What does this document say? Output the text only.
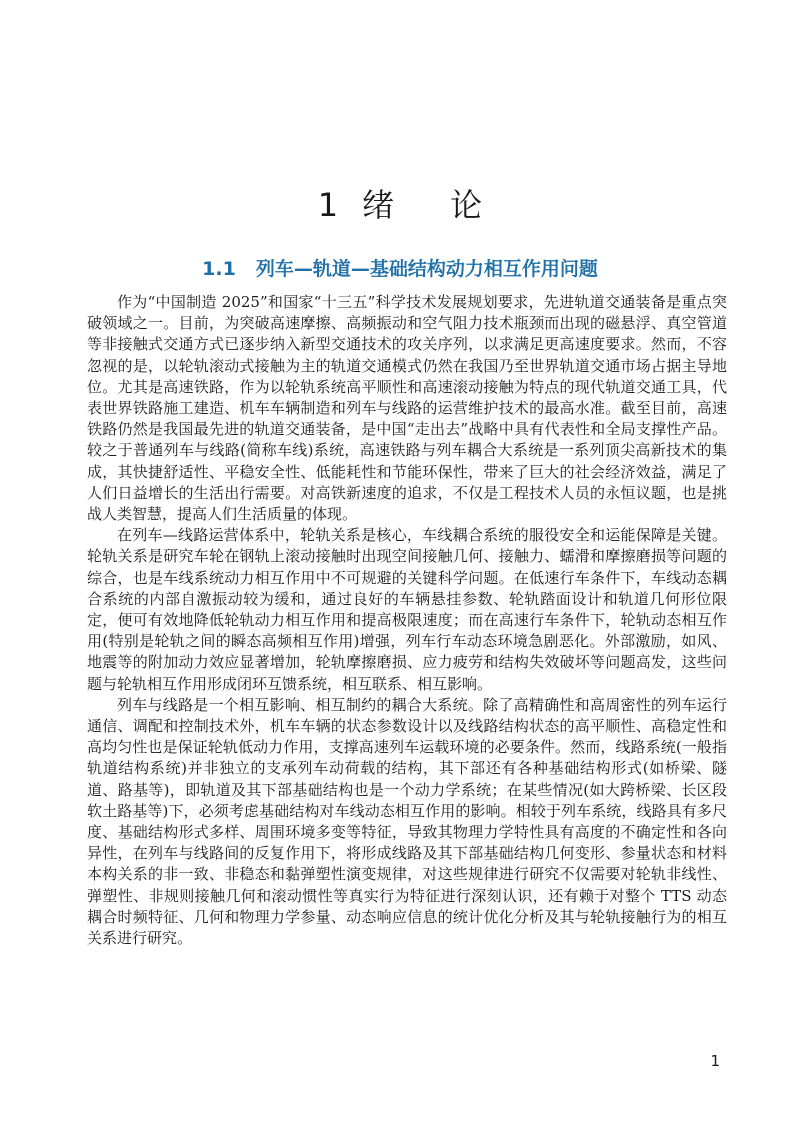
1 绪 论
1.1 列车—轨道—基础结构动力相互作用问题

作为“中国制造 2025”和国家“十三五”科学技术发展规划要求，先进轨道交通装备是重点突破领域之一。目前，为突破高速摩擦、高频振动和空气阻力技术瓶颈而出现的磁悬浮、真空管道等非接触式交通方式已逐步纳入新型交通技术的攻关序列，以求满足更高速度要求。然而，不容忽视的是，以轮轨滚动式接触为主的轨道交通模式仍然在我国乃至世界轨道交通市场占据主导地位。尤其是高速铁路，作为以轮轨系统高平顺性和高速滚动接触为特点的现代轨道交通工具，代表世界铁路施工建造、机车车辆制造和列车与线路的运营维护技术的最高水准。截至目前，高速铁路仍然是我国最先进的轨道交通装备，是中国“走出去”战略中具有代表性和全局支撑性产品。较之于普通列车与线路(简称车线)系统，高速铁路与列车耦合大系统是一系列顶尖高新技术的集成，其快捷舒适性、平稳安全性、低能耗性和节能环保性，带来了巨大的社会经济效益，满足了人们日益增长的生活出行需要。对高铁新速度的追求，不仅是工程技术人员的永恒议题，也是挑战人类智慧，提高人们生活质量的体现。

在列车—线路运营体系中，轮轨关系是核心，车线耦合系统的服役安全和运能保障是关键。轮轨关系是研究车轮在钢轨上滚动接触时出现空间接触几何、接触力、蠕滑和摩擦磨损等问题的综合，也是车线系统动力相互作用中不可规避的关键科学问题。在低速行车条件下，车线动态耦合系统的内部自激振动较为缓和，通过良好的车辆悬挂参数、轮轨踏面设计和轨道几何形位限定，便可有效地降低轮轨动力相互作用和提高极限速度；而在高速行车条件下，轮轨动态相互作用(特别是轮轨之间的瞬态高频相互作用)增强，列车行车动态环境急剧恶化。外部激励，如风、地震等的附加动力效应显著增加，轮轨摩擦磨损、应力疲劳和结构失效破坏等问题高发，这些问题与轮轨相互作用形成闭环互馈系统，相互联系、相互影响。

列车与线路是一个相互影响、相互制约的耦合大系统。除了高精确性和高周密性的列车运行通信、调配和控制技术外，机车车辆的状态参数设计以及线路结构状态的高平顺性、高稳定性和高均匀性也是保证轮轨低动力作用，支撑高速列车运载环境的必要条件。然而，线路系统(一般指轨道结构系统)并非独立的支承列车动荷载的结构，其下部还有各种基础结构形式(如桥梁、隧道、路基等)，即轨道及其下部基础结构也是一个动力学系统；在某些情况(如大跨桥梁、长区段软土路基等)下，必须考虑基础结构对车线动态相互作用的影响。相较于列车系统，线路具有多尺度、基础结构形式多样、周围环境多变等特征，导致其物理力学特性具有高度的不确定性和各向异性，在列车与线路间的反复作用下，将形成线路及其下部基础结构几何变形、参量状态和材料本构关系的非一致、非稳态和黏弹塑性演变规律，对这些规律进行研究不仅需要对轮轨非线性、弹塑性、非规则接触几何和滚动惯性等真实行为特征进行深刻认识，还有赖于对整个 TTS 动态耦合时频特征、几何和物理力学参量、动态响应信息的统计优化分析及其与轮轨接触行为的相互关系进行研究。

1
